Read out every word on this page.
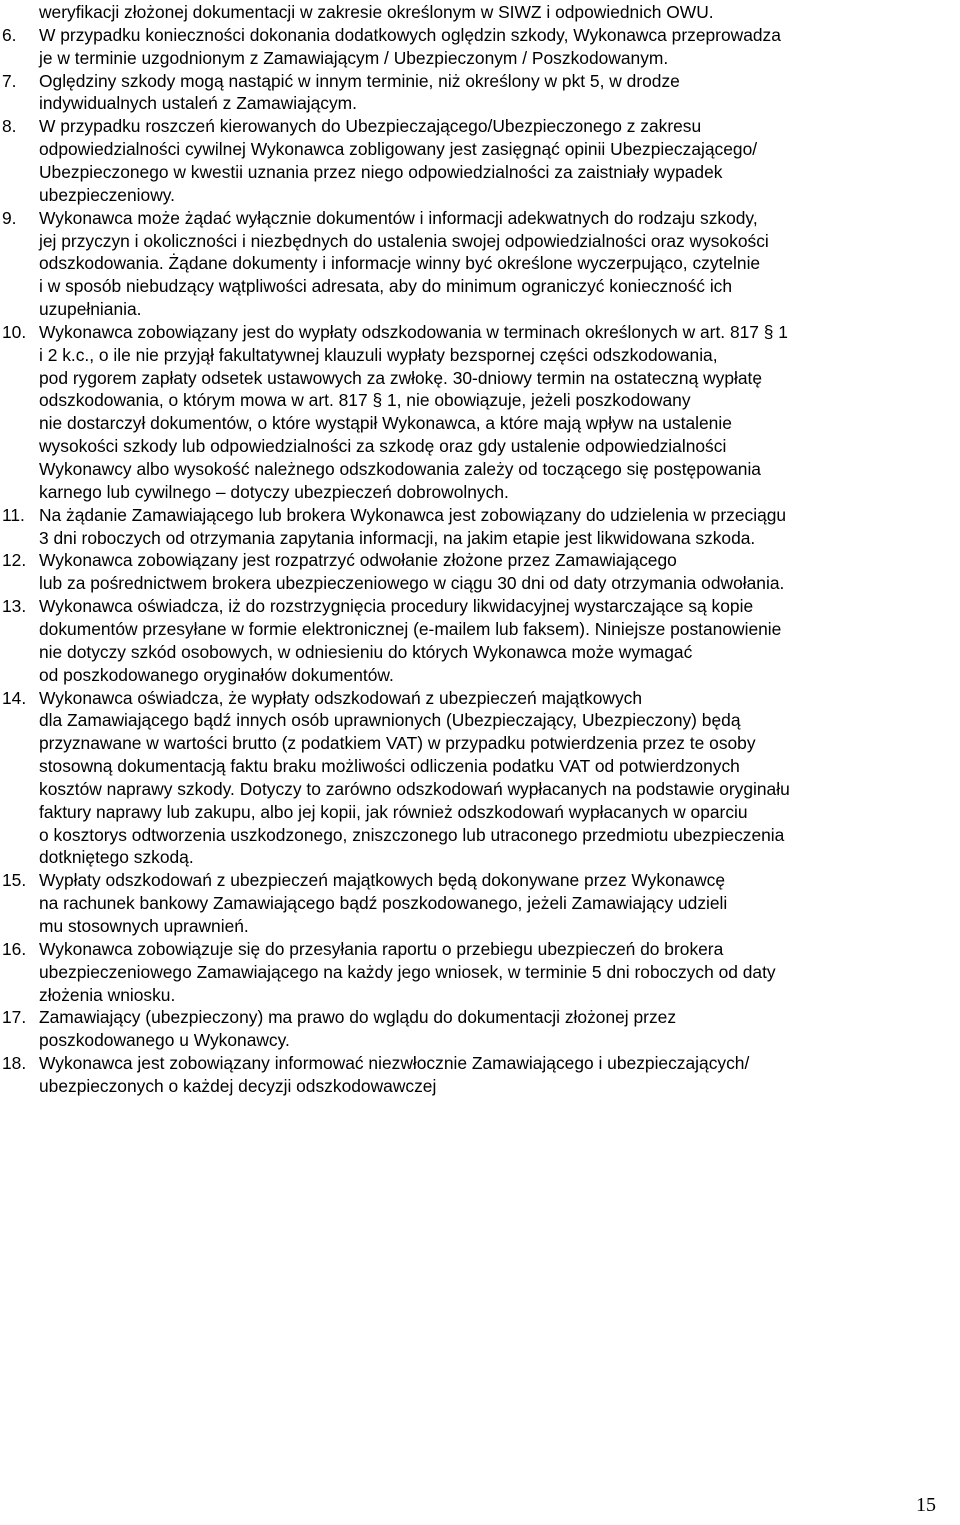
weryfikacji złożonej dokumentacji w zakresie określonym w SIWZ i odpowiednich OWU.
6.	W przypadku konieczności dokonania dodatkowych oględzin szkody, Wykonawca przeprowadza
je w terminie uzgodnionym z Zamawiającym / Ubezpieczonym / Poszkodowanym.
7.	Oględziny szkody mogą nastąpić w innym terminie, niż określony w pkt 5, w drodze
indywidualnych ustaleń z Zamawiającym.
8.	W przypadku roszczeń kierowanych do Ubezpieczającego/Ubezpieczonego z zakresu
odpowiedzialności cywilnej Wykonawca zobligowany jest zasięgnąć opinii Ubezpieczającego/
Ubezpieczonego w kwestii uznania przez niego odpowiedzialności za zaistniały wypadek
ubezpieczeniowy.
9.	Wykonawca może żądać wyłącznie dokumentów i informacji adekwatnych do rodzaju szkody,
jej przyczyn i okoliczności i niezbędnych do ustalenia swojej odpowiedzialności oraz wysokości
odszkodowania. Żądane dokumenty i informacje winny być określone wyczerpująco, czytelnie
i w sposób niebudzący wątpliwości adresata, aby do minimum ograniczyć konieczność ich
uzupełniania.
10. Wykonawca zobowiązany jest do wypłaty odszkodowania w terminach określonych w art. 817 § 1
i 2 k.c., o ile nie przyjął fakultatywnej klauzuli wypłaty bezspornej części odszkodowania,
pod rygorem zapłaty odsetek ustawowych za zwłokę. 30-dniowy termin na ostateczną wypłatę
odszkodowania, o którym mowa w art. 817 § 1, nie obowiązuje, jeżeli poszkodowany
nie dostarczył dokumentów, o które wystąpił Wykonawca, a które mają wpływ na ustalenie
wysokości szkody lub odpowiedzialności za szkodę oraz gdy ustalenie odpowiedzialności
Wykonawcy albo wysokość należnego odszkodowania zależy od toczącego się postępowania
karnego lub cywilnego – dotyczy ubezpieczeń dobrowolnych.
11. Na żądanie Zamawiającego lub brokera Wykonawca jest zobowiązany do udzielenia w przeciągu
3 dni roboczych od otrzymania zapytania informacji, na jakim etapie jest likwidowana szkoda.
12. Wykonawca zobowiązany jest rozpatrzyć odwołanie złożone przez Zamawiającego
lub za pośrednictwem brokera ubezpieczeniowego w ciągu 30 dni od daty otrzymania odwołania.
13. Wykonawca oświadcza, iż do rozstrzygnięcia procedury likwidacyjnej wystarczające są kopie
dokumentów przesyłane w formie elektronicznej (e-mailem lub faksem). Niniejsze postanowienie
nie dotyczy szkód osobowych, w odniesieniu do których Wykonawca może wymagać
od poszkodowanego oryginałów dokumentów.
14. Wykonawca oświadcza, że wypłaty odszkodowań z ubezpieczeń majątkowych
dla Zamawiającego bądź innych osób uprawnionych (Ubezpieczający, Ubezpieczony) będą
przyznawane w wartości brutto (z podatkiem VAT) w przypadku potwierdzenia przez te osoby
stosowną dokumentacją faktu braku możliwości odliczenia podatku VAT od potwierdzonych
kosztów naprawy szkody. Dotyczy to zarówno odszkodowań wypłacanych na podstawie oryginału
faktury naprawy lub zakupu, albo jej kopii, jak również odszkodowań wypłacanych w oparciu
o kosztorys odtworzenia uszkodzonego, zniszczonego lub utraconego przedmiotu ubezpieczenia
dotkniętego szkodą.
15. Wypłaty odszkodowań z ubezpieczeń majątkowych będą dokonywane przez Wykonawcę
na rachunek bankowy Zamawiającego bądź poszkodowanego, jeżeli Zamawiający udzieli
mu stosownych uprawnień.
16. Wykonawca zobowiązuje się do przesyłania raportu o przebiegu ubezpieczeń do brokera
ubezpieczeniowego Zamawiającego na każdy jego wniosek, w terminie 5 dni roboczych od daty
złożenia wniosku.
17. Zamawiający (ubezpieczony) ma prawo do wglądu do dokumentacji złożonej przez
poszkodowanego u Wykonawcy.
18. Wykonawca jest zobowiązany informować niezwłocznie Zamawiającego i ubezpieczających/
ubezpieczonych o każdej decyzji odszkodowawczej
15
